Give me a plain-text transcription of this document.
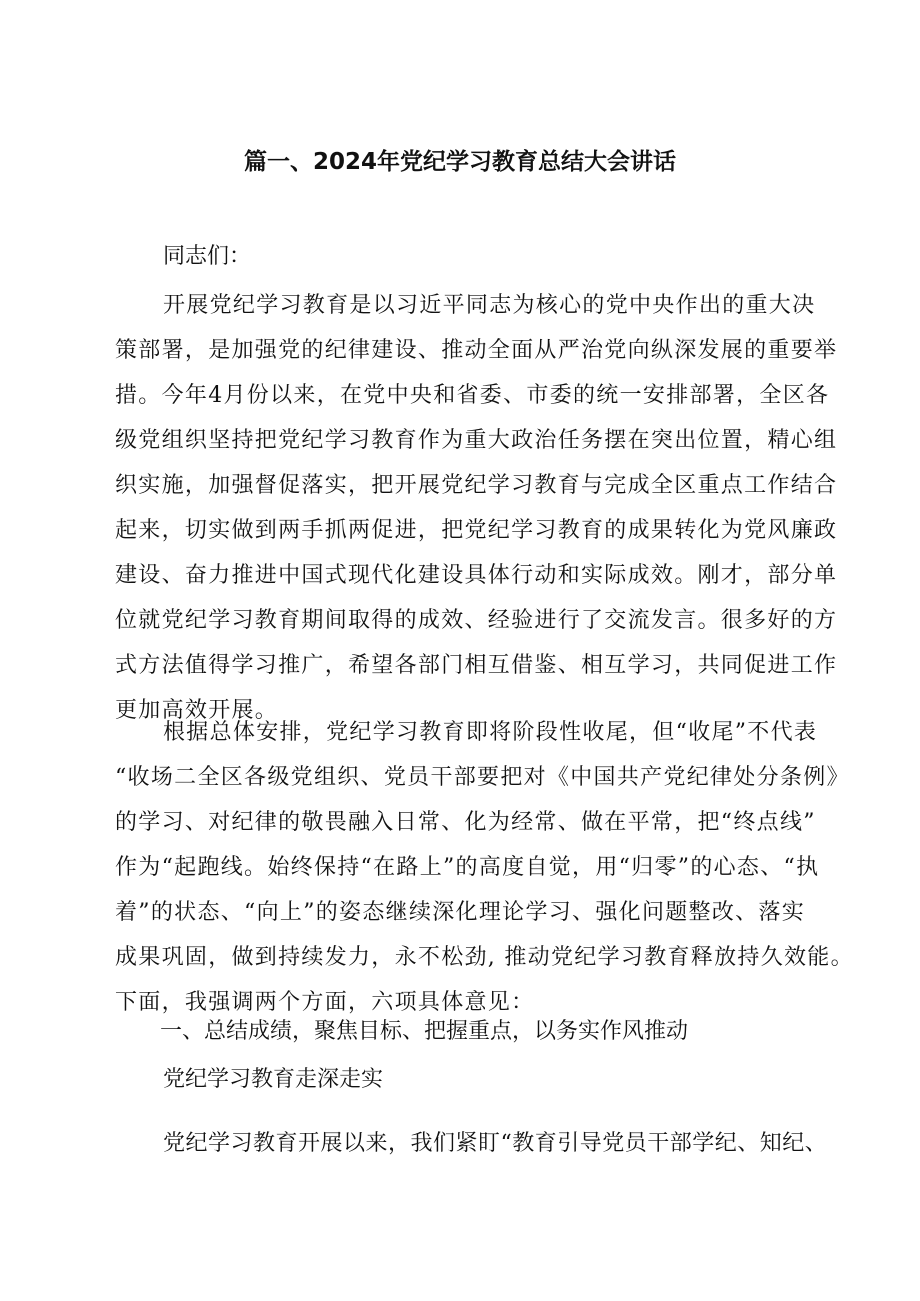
篇一、2024年党纪学习教育总结大会讲话
同志们：
开展党纪学习教育是以习近平同志为核心的党中央作出的重大决
策部署，是加强党的纪律建设、推动全面从严治党向纵深发展的重要举
措。今年4月份以来，在党中央和省委、市委的统一安排部署，全区各
级党组织坚持把党纪学习教育作为重大政治任务摆在突出位置，精心组
织实施，加强督促落实，把开展党纪学习教育与完成全区重点工作结合
起来，切实做到两手抓两促进，把党纪学习教育的成果转化为党风廉政
建设、奋力推进中国式现代化建设具体行动和实际成效。刚才，部分单
位就党纪学习教育期间取得的成效、经验进行了交流发言。很多好的方
式方法值得学习推广，希望各部门相互借鉴、相互学习，共同促进工作
更加高效开展。
根据总体安排，党纪学习教育即将阶段性收尾，但“收尾”不代表
“收场二全区各级党组织、党员干部要把对《中国共产党纪律处分条例》
的学习、对纪律的敬畏融入日常、化为经常、做在平常，把“终点线”
作为“起跑线。始终保持“在路上”的高度自觉，用“归零”的心态、“执
着”的状态、“向上”的姿态继续深化理论学习、强化问题整改、落实
成果巩固，做到持续发力，永不松劲, 推动党纪学习教育释放持久效能。
下面，我强调两个方面，六项具体意见：
一、总结成绩，聚焦目标、把握重点，以务实作风推动
党纪学习教育走深走实
党纪学习教育开展以来，我们紧盯“教育引导党员干部学纪、知纪、
